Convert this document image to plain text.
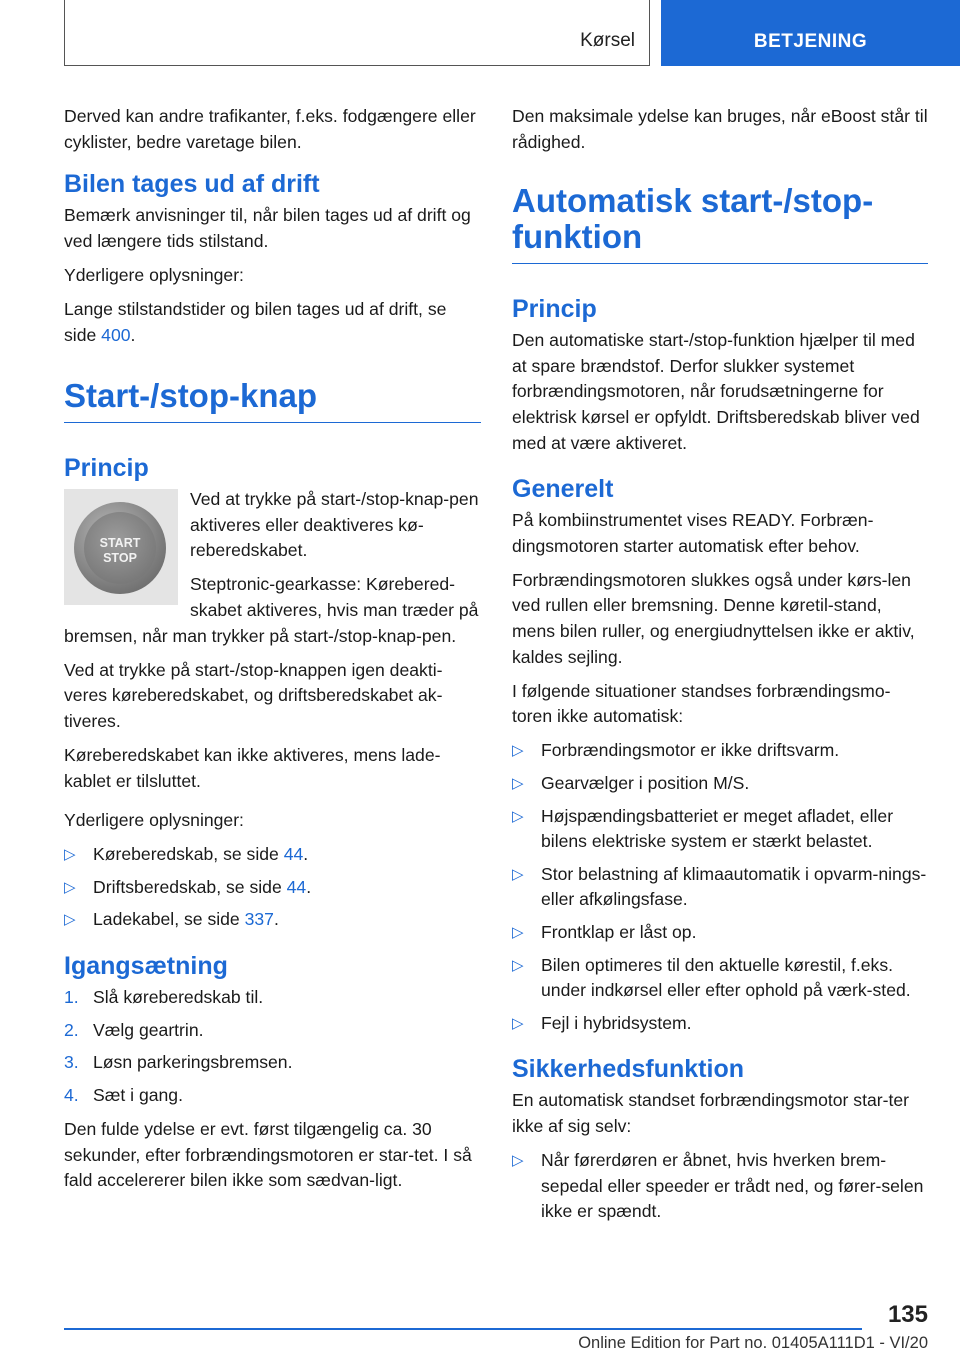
Kørsel	BETJENING

Derved kan andre trafikanter, f.eks. fodgængere eller cyklister, bedre varetage bilen.

Bilen tages ud af drift

Bemærk anvisninger til, når bilen tages ud af drift og ved længere tids stilstand.

Yderligere oplysninger:

Lange stilstandstider og bilen tages ud af drift, se side 400.

Start-/stop-knap
Princip
START
STOP

Ved at trykke på start-/stop-knap-pen aktiveres eller deaktiveres kø-reberedskabet.

Steptronic-gearkasse: Kørebered-skabet aktiveres, hvis man træder på bremsen, når man trykker på start-/stop-knap-pen.

Ved at trykke på start-/stop-knappen igen deakti-veres køreberedskabet, og driftsberedskabet ak-tiveres.

Køreberedskabet kan ikke aktiveres, mens lade-kablet er tilsluttet.

Yderligere oplysninger:

▷ Køreberedskab, se side 44.
▷ Driftsberedskab, se side 44.
▷ Ladekabel, se side 337.
Igangsætning
1. Slå køreberedskab til.
2. Vælg geartrin.
3. Løsn parkeringsbremsen.
4. Sæt i gang.

Den fulde ydelse er evt. først tilgængelig ca. 30 sekunder, efter forbrændingsmotoren er star-tet. I så fald accelererer bilen ikke som sædvan-ligt.

Den maksimale ydelse kan bruges, når eBoost står til rådighed.

Automatisk start-/stop-
funktion
Princip

Den automatiske start-/stop-funktion hjælper til med at spare brændstof. Derfor slukker systemet forbrændingsmotoren, når forudsætningerne for elektrisk kørsel er opfyldt. Driftsberedskab bliver ved med at være aktiveret.

Generelt

På kombiinstrumentet vises READY. Forbræn-dingsmotoren starter automatisk efter behov.

Forbrændingsmotoren slukkes også under kørs-len ved rullen eller bremsning. Denne køretil-stand, mens bilen ruller, og energiudnyttelsen ikke er aktiv, kaldes sejling.

I følgende situationer standses forbrændingsmo-toren ikke automatisk:

▷ Forbrændingsmotor er ikke driftsvarm.
▷ Gearvælger i position M/S.
▷ Højspændingsbatteriet er meget afladet, eller bilens elektriske system er stærkt belastet.
▷ Stor belastning af klimaautomatik i opvarm-nings- eller afkølingsfase.
▷ Frontklap er låst op.
▷ Bilen optimeres til den aktuelle kørestil, f.eks. under indkørsel eller efter ophold på værk-sted.
▷ Fejl i hybridsystem.
Sikkerhedsfunktion

En automatisk standset forbrændingsmotor star-ter ikke af sig selv:

▷ Når førerdøren er åbnet, hvis hverken brem-sepedal eller speeder er trådt ned, og fører-selen ikke er spændt.
135
Online Edition for Part no. 01405A111D1 - VI/20
